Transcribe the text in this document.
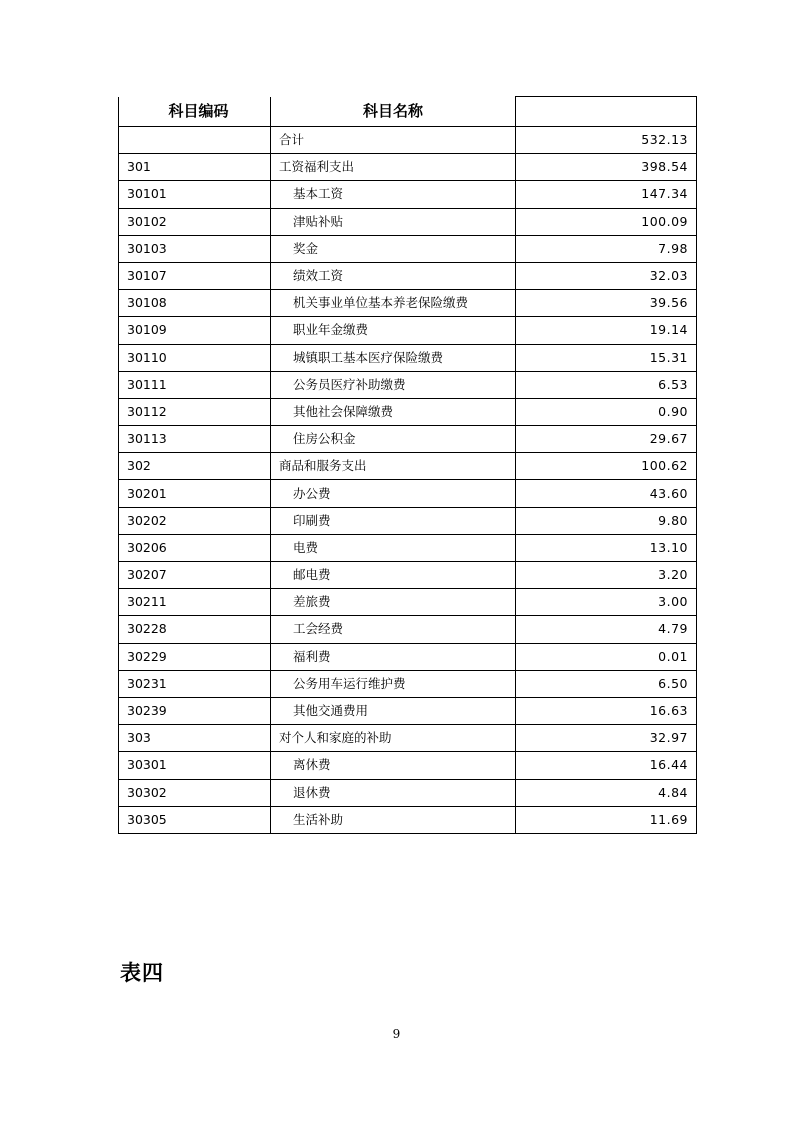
科目编码	科目名称	
	合计	532.13
301	工资福利支出	398.54
30101	基本工资	147.34
30102	津贴补贴	100.09
30103	奖金	7.98
30107	绩效工资	32.03
30108	机关事业单位基本养老保险缴费	39.56
30109	职业年金缴费	19.14
30110	城镇职工基本医疗保险缴费	15.31
30111	公务员医疗补助缴费	6.53
30112	其他社会保障缴费	0.90
30113	住房公积金	29.67
302	商品和服务支出	100.62
30201	办公费	43.60
30202	印刷费	9.80
30206	电费	13.10
30207	邮电费	3.20
30211	差旅费	3.00
30228	工会经费	4.79
30229	福利费	0.01
30231	公务用车运行维护费	6.50
30239	其他交通费用	16.63
303	对个人和家庭的补助	32.97
30301	离休费	16.44
30302	退休费	4.84
30305	生活补助	11.69
表四
9
